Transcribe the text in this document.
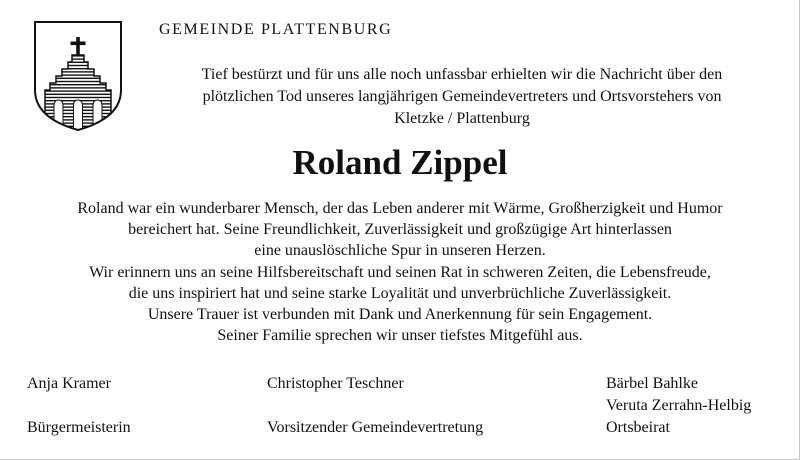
GEMEINDE PLATTENBURG
Tief bestürzt und für uns alle noch unfassbar erhielten wir die Nachricht über den
plötzlichen Tod unseres langjährigen Gemeindevertreters und Ortsvorstehers von
Kletzke / Plattenburg
Roland Zippel
Roland war ein wunderbarer Mensch, der das Leben anderer mit Wärme, Großherzigkeit und Humor
bereichert hat. Seine Freundlichkeit, Zuverlässigkeit und großzügige Art hinterlassen
eine unauslöschliche Spur in unseren Herzen.
Wir erinnern uns an seine Hilfsbereitschaft und seinen Rat in schweren Zeiten, die Lebensfreude,
die uns inspiriert hat und seine starke Loyalität und unverbrüchliche Zuverlässigkeit.
Unsere Trauer ist verbunden mit Dank und Anerkennung für sein Engagement.
Seiner Familie sprechen wir unser tiefstes Mitgefühl aus.
Anja Kramer
Bürgermeisterin
Christopher Teschner
Vorsitzender Gemeindevertretung
Bärbel Bahlke
Veruta Zerrahn-Helbig
Ortsbeirat
